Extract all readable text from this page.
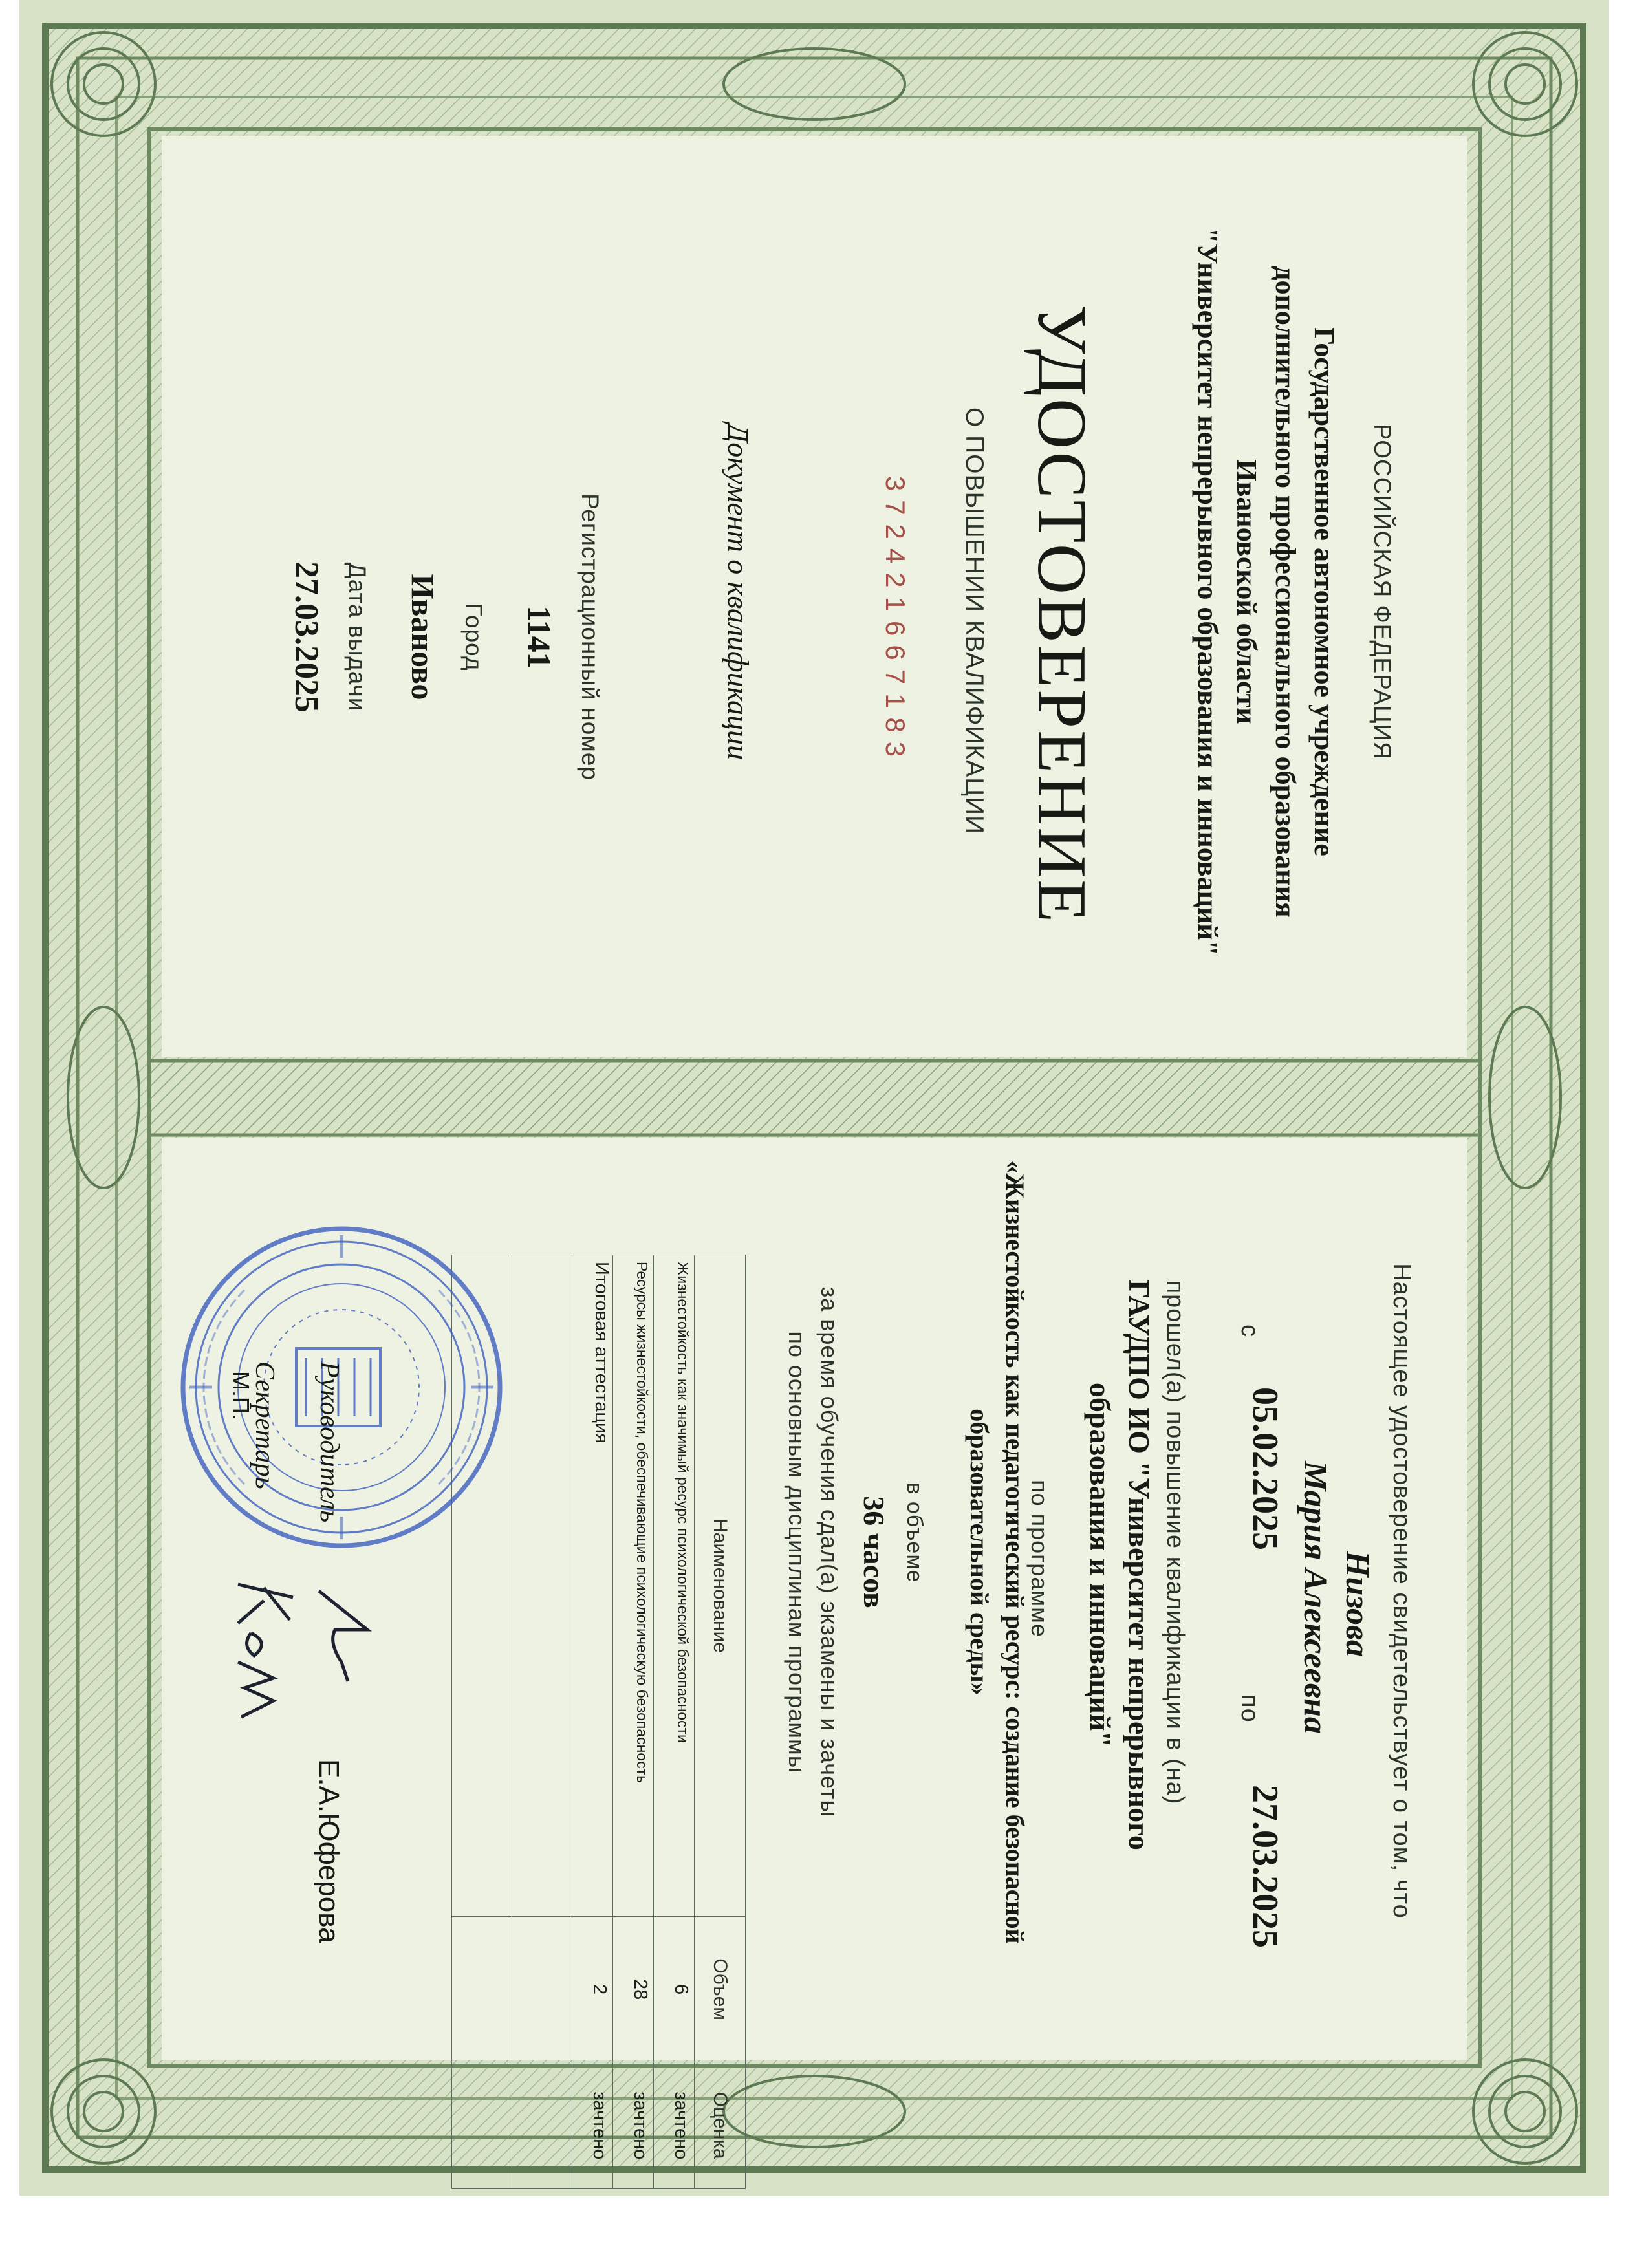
РОССИЙСКАЯ ФЕДЕРАЦИЯ
Государственное автономное учреждение
дополнительного профессионального образования
Ивановской области
"Университет непрерывного образования и инноваций"
УДОСТОВЕРЕНИЕ
О ПОВЫШЕНИИ КВАЛИФИКАЦИИ
372421667183
Документ о квалификации
Регистрационный номер
1141
Город
Иваново
Дата выдачи
27.03.2025
Настоящее удостоверение свидетельствует о том, что
Низова
Мария Алексеевна
с
05.02.2025
по
27.03.2025
прошел(а) повышение квалификации в (на)
ГАУДПО ИО "Университет непрерывного
образования и инноваций"
по программе
«Жизнестойкость как педагогический ресурс: создание безопасной
образовательной среды»
в объеме
36 часов
за время обучения сдал(а) экзамены и зачеты
по основным дисциплинам программы
Наименование	Объем	Оценка
Жизнестойкость как значимый ресурс психологической безопасности	6	зачтено
Ресурсы жизнестойкости, обеспечивающие психологическую безопасность	28	зачтено
Итоговая аттестация	2	зачтено

М.П. Руководитель
Е.А.Юферова
Секретарь
